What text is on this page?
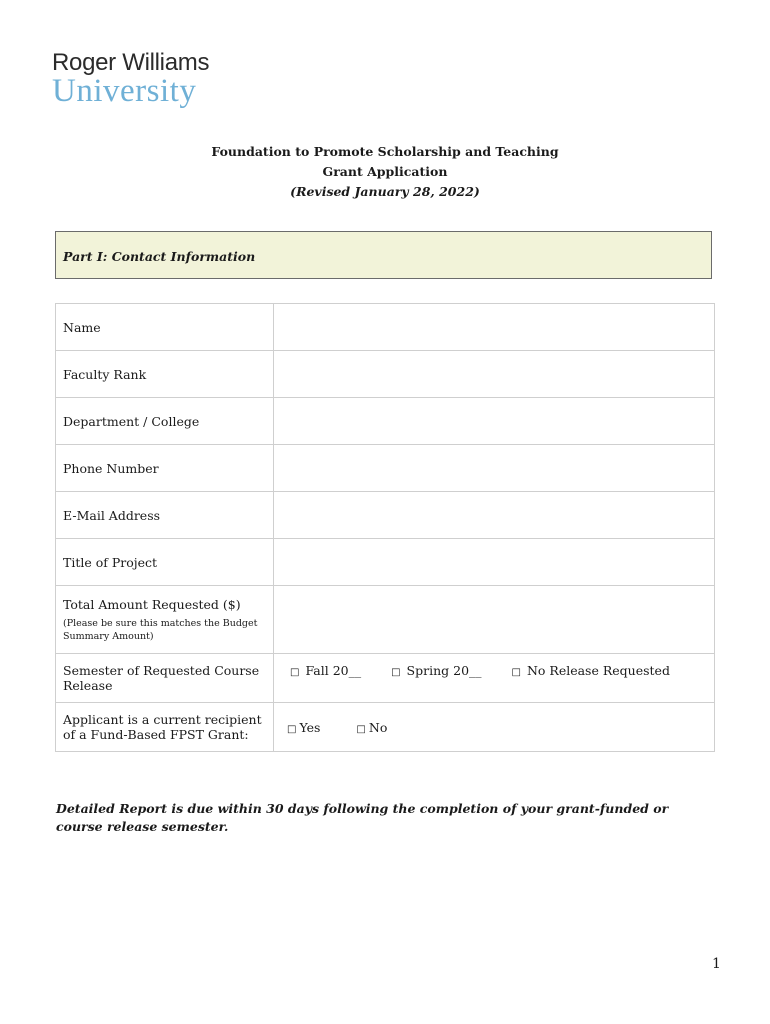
Roger Williams
University
Foundation to Promote Scholarship and Teaching
Grant Application
(Revised January 28, 2022)
Part I: Contact Information
Name	
Faculty Rank	
Department / College	
Phone Number	
E-Mail Address	
Title of Project	
Total Amount Requested ($)
(Please be sure this matches the Budget Summary Amount)	

Semester of Requested Course Release	□ Fall 20__ □ Spring 20__ □ No Release Requested
Applicant is a current recipient of a Fund-Based FPST Grant:	□ Yes □ No
Detailed Report is due within 30 days following the completion of your grant-funded or course release semester.
1
